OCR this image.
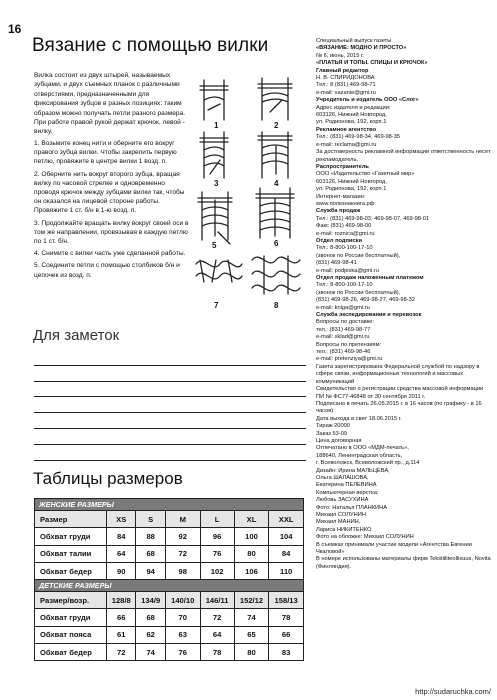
16
Вязание с помощью вилки

Вилка состоит из двух штырей, называемых зубцами, и двух съемных планок с различными отверстиями, предназначенными для фиксирования зубцов в разных позициях: таким образом можно получать петли разного размера. При работе правой рукой держат крючок, левой - вилку.

1. Возьмите конец нити и оберните его вокруг правого зубца вилки. Чтобы закрепить первую петлю, провяжите в центре вилки 1 возд. п.

2. Оберните нить вокруг второго зубца, вращая вилку по часовой стрелке и одновременно проводя крючок между зубцами вилки так, чтобы он оказался на лицевой стороне работы. Провяжите 1 ст. б/н в 1-ю возд. п.

3. Продолжайте вращать вилку вокруг своей оси в том же направлении, провязывая в каждую петлю по 1 ст. б/н.

4. Снимите с вилки часть уже сделанной работы.

5. Соедините петли с помощью столбиков б/н и цепочек из возд. п.

1	2
3	4
5	6
7	8
Для заметок
Таблицы размеров
ЖЕНСКИЕ РАЗМЕРЫ						
Размер	XS	S	M	L	XL	XXL
Обхват груди	84	88	92	96	100	104
Обхват талии	64	68	72	76	80	84
Обхват бедер	90	94	98	102	106	110
ДЕТСКИЕ РАЗМЕРЫ						
Размер/возр.	128/8	134/9	140/10	146/11	152/12	158/13
Обхват груди	66	68	70	72	74	78
Обхват пояса	61	62	63	64	65	66
Обхват бедер	72	74	76	78	80	83
Специальный выпуск газеты
«ВЯЗАНИЕ: МОДНО И ПРОСТО»
№ 6, июнь, 2015 г.
«ПЛАТЬЯ И ТОПЫ. СПИЦЫ И КРЮЧОК»
Главный редактор
Н. В. СПИРИДОНОВА
Тел.: 8 (831) 469-98-71
e-mail: vazanie@gmi.ru
Учредитель и издатель ООО «Слог»
Адрес издателя и редакции:
603126, Нижний Новгород,
ул. Родионова, 192, корп.1
Рекламное агентство
Тел.: (831) 469-98-34, 469-98-35
e-mail: reclama@gmi.ru
За достоверность рекламной информации ответственность несет рекламодатель.
Распространитель
ООО «Издательство «Газетный мир»
603126, Нижний Новгород,
ул. Родионова, 192, корп.1
Интернет-магазин:
www.полезнакнига.рф
Служба продаж
Тел.: (831) 469-98-03, 469-98-07, 469-98-01
Факс (831) 469-98-00
e-mail: roznica@gmi.ru
Отдел подписки
Тел.: 8-800-100-17-10
(звонок по России бесплатный),
(831) 469-98-41
e-mail: podpiska@gmi.ru
Отдел продаж наложенным платежом
Тел.: 8-800-100-17-10
(звонок по России бесплатный),
(831) 469-98-26, 469-98-27, 469-98-32
e-mail: kniga@gmi.ru
Служба экспедирования и перевозок
Вопросы по доставке:
тел.: (831) 469-98-77
e-mail: sklad@gmi.ru
Вопросы по претензиям:
тел.: (831) 469-98-46
e-mail: pretenziya@gmi.ru
Газета зарегистрирована Федеральной службой по надзору в сфере связи, информационных технологий и массовых коммуникаций
Свидетельство о регистрации средства массовой информации
ПИ № ФС77-46848 от 30 сентября 2011 г.
Подписано в печать 26.05.2015 г. в 16 часов (по графику - в 16 часов)
Дата выхода в свет 18.06.2015 г.
Тираж 20000
Заказ 53-09
Цена договорная
Отпечатано в ООО «МДМ-печать»,
188640, Ленинградская область,
г. Всеволожск, Всеволожский пр., д.114
Дизайн: Ирина МАЛЬЦЕВА,
Ольга ШАЛАШОВА,
Екатерина ПЕЛЕВИНА
Компьютерная верстка:
Любовь ЗАСУХИНА
Фото: Наталья ПЛАНКИНА
Михаил СОЛУНИН
Михаил МАНИН,
Лариса НИКИТЕНКО
Фото на обложке: Михаил СОЛУНИН
В съемках принимали участие модели «Агентства Евгении Чкаловой»
В номере использованы материалы фирм Tekstiiliteollisuus, Novita (Финляндия).
http://sudaruchka.com/
